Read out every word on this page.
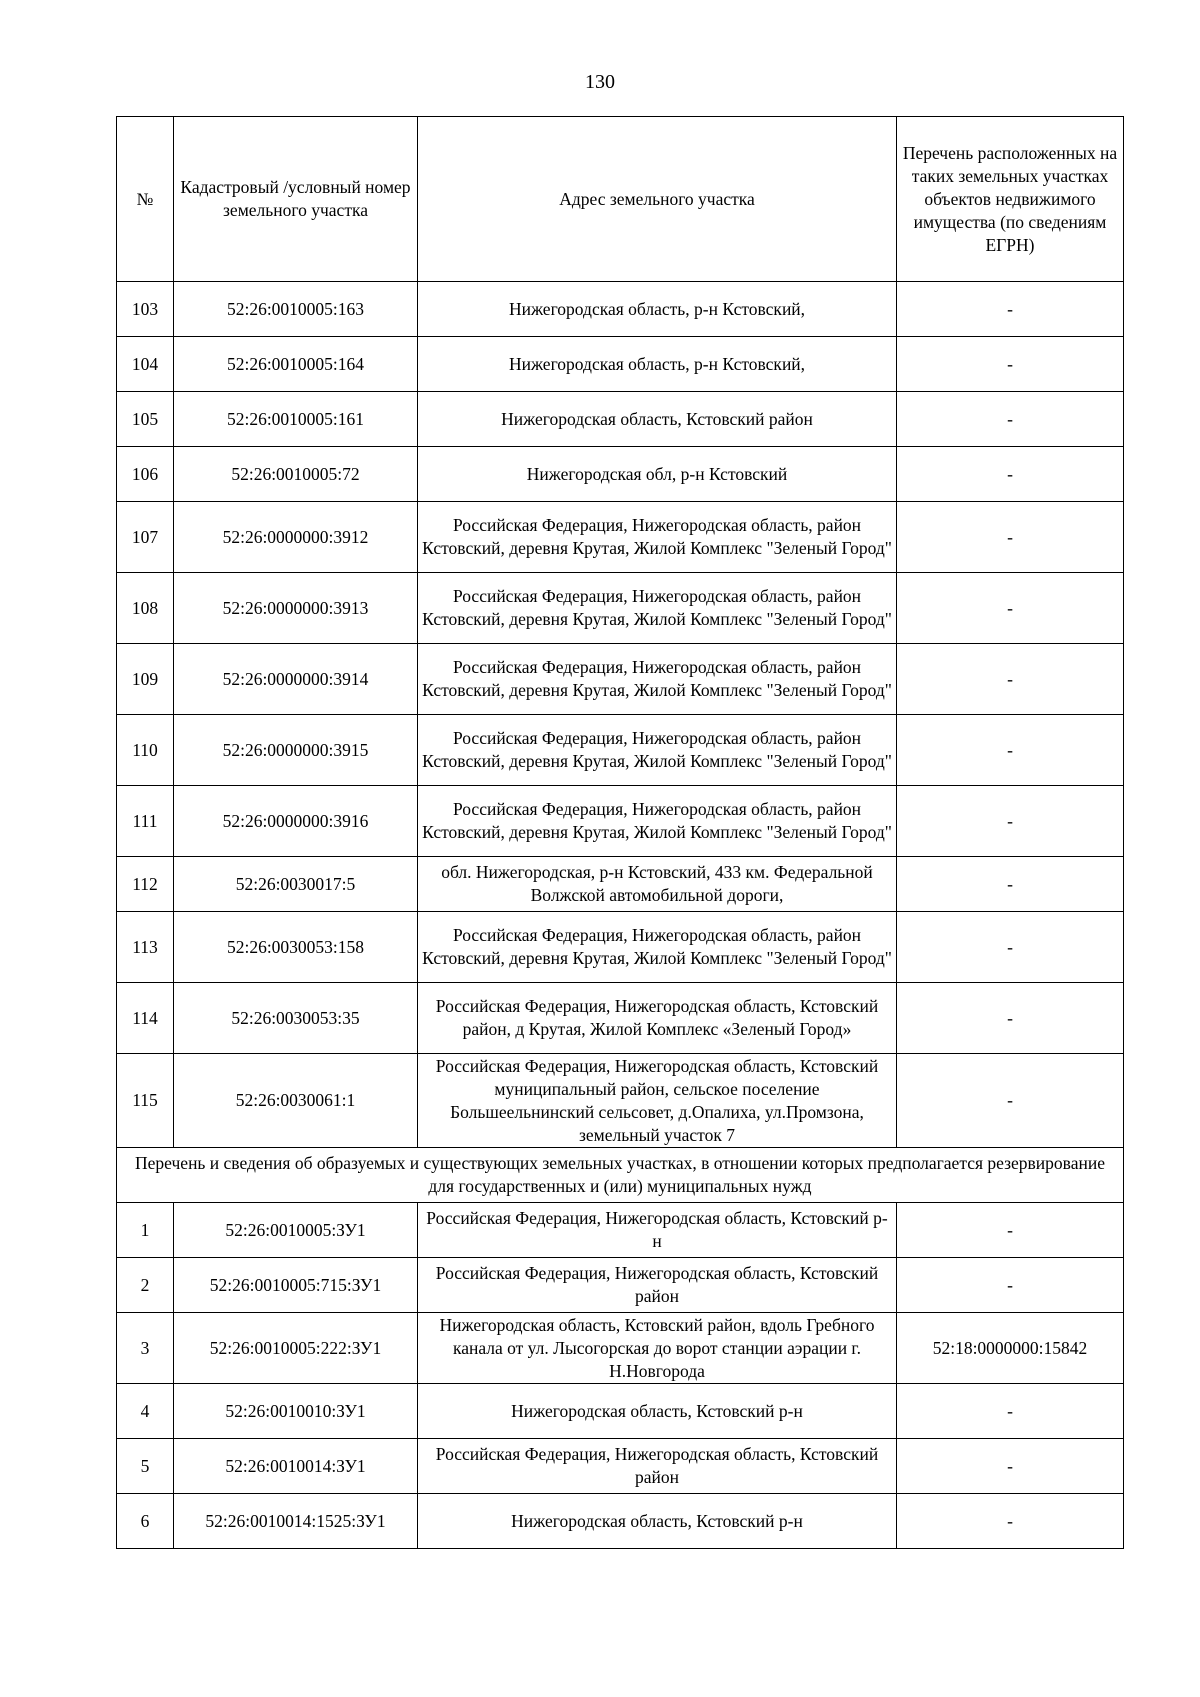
130
№	Кадастровый /условный номер земельного участка	Адрес земельного участка	Перечень расположенных на таких земельных участках объектов недвижимого имущества (по сведениям ЕГРН)
103	52:26:0010005:163	Нижегородская область, р-н Кстовский,	-
104	52:26:0010005:164	Нижегородская область, р-н Кстовский,	-
105	52:26:0010005:161	Нижегородская область, Кстовский район	-
106	52:26:0010005:72	Нижегородская обл, р-н Кстовский	-
107	52:26:0000000:3912	Российская Федерация, Нижегородская область, район Кстовский, деревня Крутая, Жилой Комплекс "Зеленый Город"	-
108	52:26:0000000:3913	Российская Федерация, Нижегородская область, район Кстовский, деревня Крутая, Жилой Комплекс "Зеленый Город"	-
109	52:26:0000000:3914	Российская Федерация, Нижегородская область, район Кстовский, деревня Крутая, Жилой Комплекс "Зеленый Город"	-
110	52:26:0000000:3915	Российская Федерация, Нижегородская область, район Кстовский, деревня Крутая, Жилой Комплекс "Зеленый Город"	-
111	52:26:0000000:3916	Российская Федерация, Нижегородская область, район Кстовский, деревня Крутая, Жилой Комплекс "Зеленый Город"	-
112	52:26:0030017:5	обл. Нижегородская, р-н Кстовский, 433 км. Федеральной Волжской автомобильной дороги,	-
113	52:26:0030053:158	Российская Федерация, Нижегородская область, район Кстовский, деревня Крутая, Жилой Комплекс "Зеленый Город"	-
114	52:26:0030053:35	Российская Федерация, Нижегородская область, Кстовский район, д Крутая, Жилой Комплекс «Зеленый Город»	-
115	52:26:0030061:1	Российская Федерация, Нижегородская область, Кстовский муниципальный район, сельское поселение Большеельнинский сельсовет, д.Опалиха, ул.Промзона, земельный участок 7	-
Перечень и сведения об образуемых и существующих земельных участках, в отношении которых предполагается резервирование для государственных и (или) муниципальных нужд			
1	52:26:0010005:ЗУ1	Российская Федерация, Нижегородская область, Кстовский р-н	-
2	52:26:0010005:715:ЗУ1	Российская Федерация, Нижегородская область, Кстовский район	-
3	52:26:0010005:222:ЗУ1	Нижегородская область, Кстовский район, вдоль Гребного канала от ул. Лысогорская до ворот станции аэрации г. Н.Новгорода	52:18:0000000:15842
4	52:26:0010010:ЗУ1	Нижегородская область, Кстовский р-н	-
5	52:26:0010014:ЗУ1	Российская Федерация, Нижегородская область, Кстовский район	-
6	52:26:0010014:1525:ЗУ1	Нижегородская область, Кстовский р-н	-
